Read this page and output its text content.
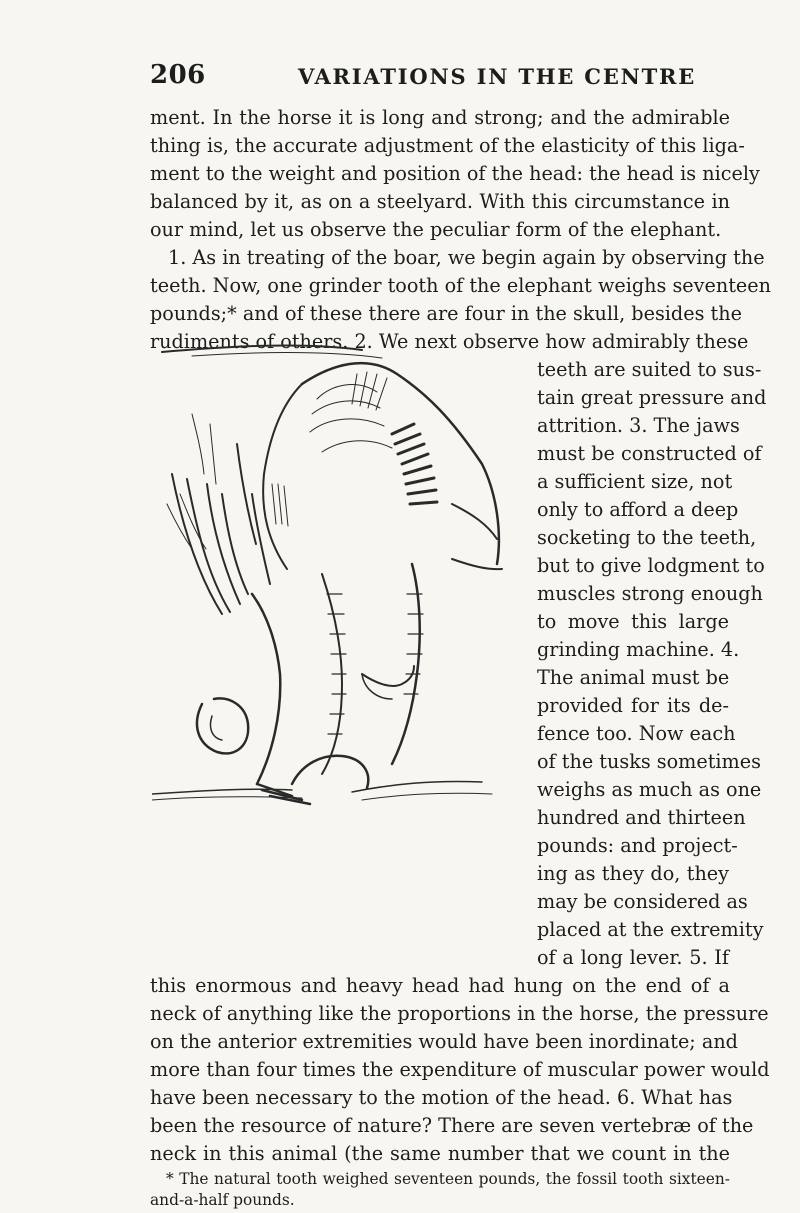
206	VARIATIONS IN THE CENTRE
ment. In the horse it is long and strong; and the admirable
thing is, the accurate adjustment of the elasticity of this liga-
ment to the weight and position of the head: the head is nicely
balanced by it, as on a steelyard. With this circumstance in
our mind, let us observe the peculiar form of the elephant.
1. As in treating of the boar, we begin again by observing the
teeth. Now, one grinder tooth of the elephant weighs seventeen
pounds;* and of these there are four in the skull, besides the
rudiments of others. 2. We next observe how admirably these
teeth are suited to sus-
tain great pressure and
attrition. 3. The jaws
must be constructed of
a sufficient size, not
only to afford a deep
socketing to the teeth,
but to give lodgment to
muscles strong enough
to move this large
grinding machine. 4.
The animal must be
provided for its de-
fence too. Now each
of the tusks sometimes
weighs as much as one
hundred and thirteen
pounds: and project-
ing as they do, they
may be considered as
placed at the extremity
of a long lever. 5. If
this enormous and heavy head had hung on the end of a
neck of anything like the proportions in the horse, the pressure
on the anterior extremities would have been inordinate; and
more than four times the expenditure of muscular power would
have been necessary to the motion of the head. 6. What has
been the resource of nature? There are seven vertebræ of the
neck in this animal (the same number that we count in the
* The natural tooth weighed seventeen pounds, the fossil tooth sixteen-
and-a-half pounds.
